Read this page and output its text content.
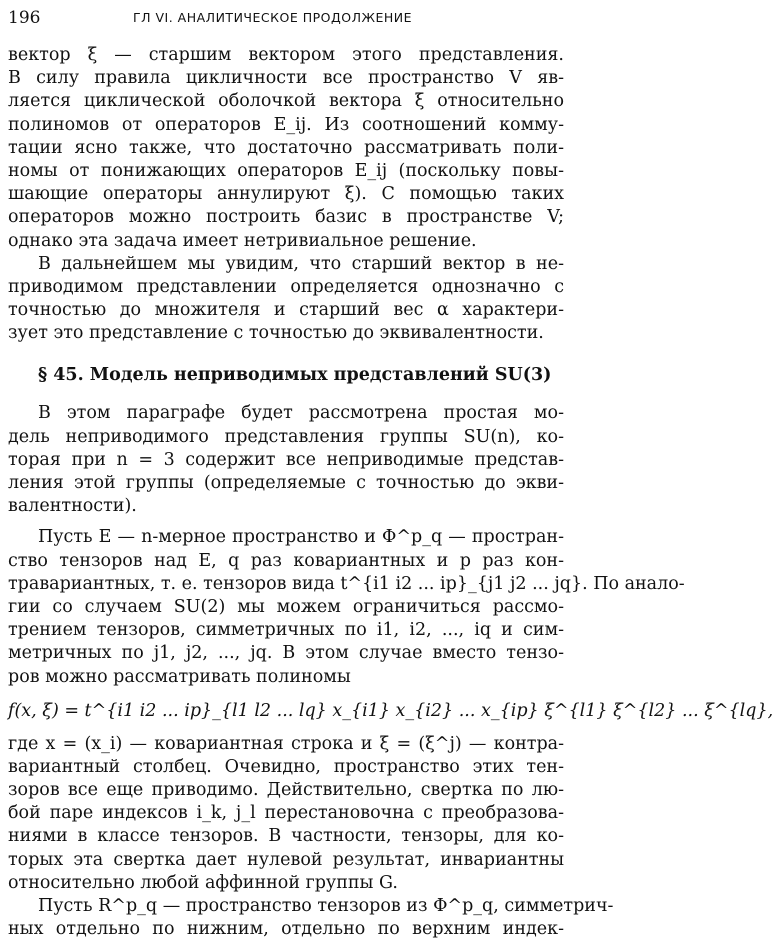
196	ГЛ VI. АНАЛИТИЧЕСКОЕ ПРОДОЛЖЕНИЕ
вектор ξ — старшим вектором этого представления.
В силу правила цикличности все пространство V яв-
ляется циклической оболочкой вектора ξ относительно
полиномов от операторов E_ij. Из соотношений комму-
тации ясно также, что достаточно рассматривать поли-
номы от понижающих операторов E_ij (поскольку повы-
шающие операторы аннулируют ξ). С помощью таких
операторов можно построить базис в пространстве V;
однако эта задача имеет нетривиальное решение.
В дальнейшем мы увидим, что старший вектор в не-
приводимом представлении определяется однозначно с
точностью до множителя и старший вес α характери-
зует это представление с точностью до эквивалентности.
§ 45. Модель неприводимых представлений SU(3)
В этом параграфе будет рассмотрена простая мо-
дель неприводимого представления группы SU(n), ко-
торая при n = 3 содержит все неприводимые представ-
ления этой группы (определяемые с точностью до экви-
валентности).
Пусть E — n-мерное пространство и Φ^p_q — простран-
ство тензоров над E, q раз ковариантных и p раз кон-
травариантных, т. е. тензоров вида t^{i1 i2 ... ip}_{j1 j2 ... jq}. По анало-
гии со случаем SU(2) мы можем ограничиться рассмо-
трением тензоров, симметричных по i1, i2, ..., iq и сим-
метричных по j1, j2, ..., jq. В этом случае вместо тензо-
ров можно рассматривать полиномы
f(x, ξ) = t^{i1 i2 ... ip}_{l1 l2 ... lq} x_{i1} x_{i2} ... x_{ip} ξ^{l1} ξ^{l2} ... ξ^{lq},
где x = (x_i) — ковариантная строка и ξ = (ξ^j) — контра-
вариантный столбец. Очевидно, пространство этих тен-
зоров все еще приводимо. Действительно, свертка по лю-
бой паре индексов i_k, j_l перестановочна с преобразова-
ниями в классе тензоров. В частности, тензоры, для ко-
торых эта свертка дает нулевой результат, инвариантны
относительно любой аффинной группы G.
Пусть R^p_q — пространство тензоров из Φ^p_q, симметрич-
ных отдельно по нижним, отдельно по верхним индек-
